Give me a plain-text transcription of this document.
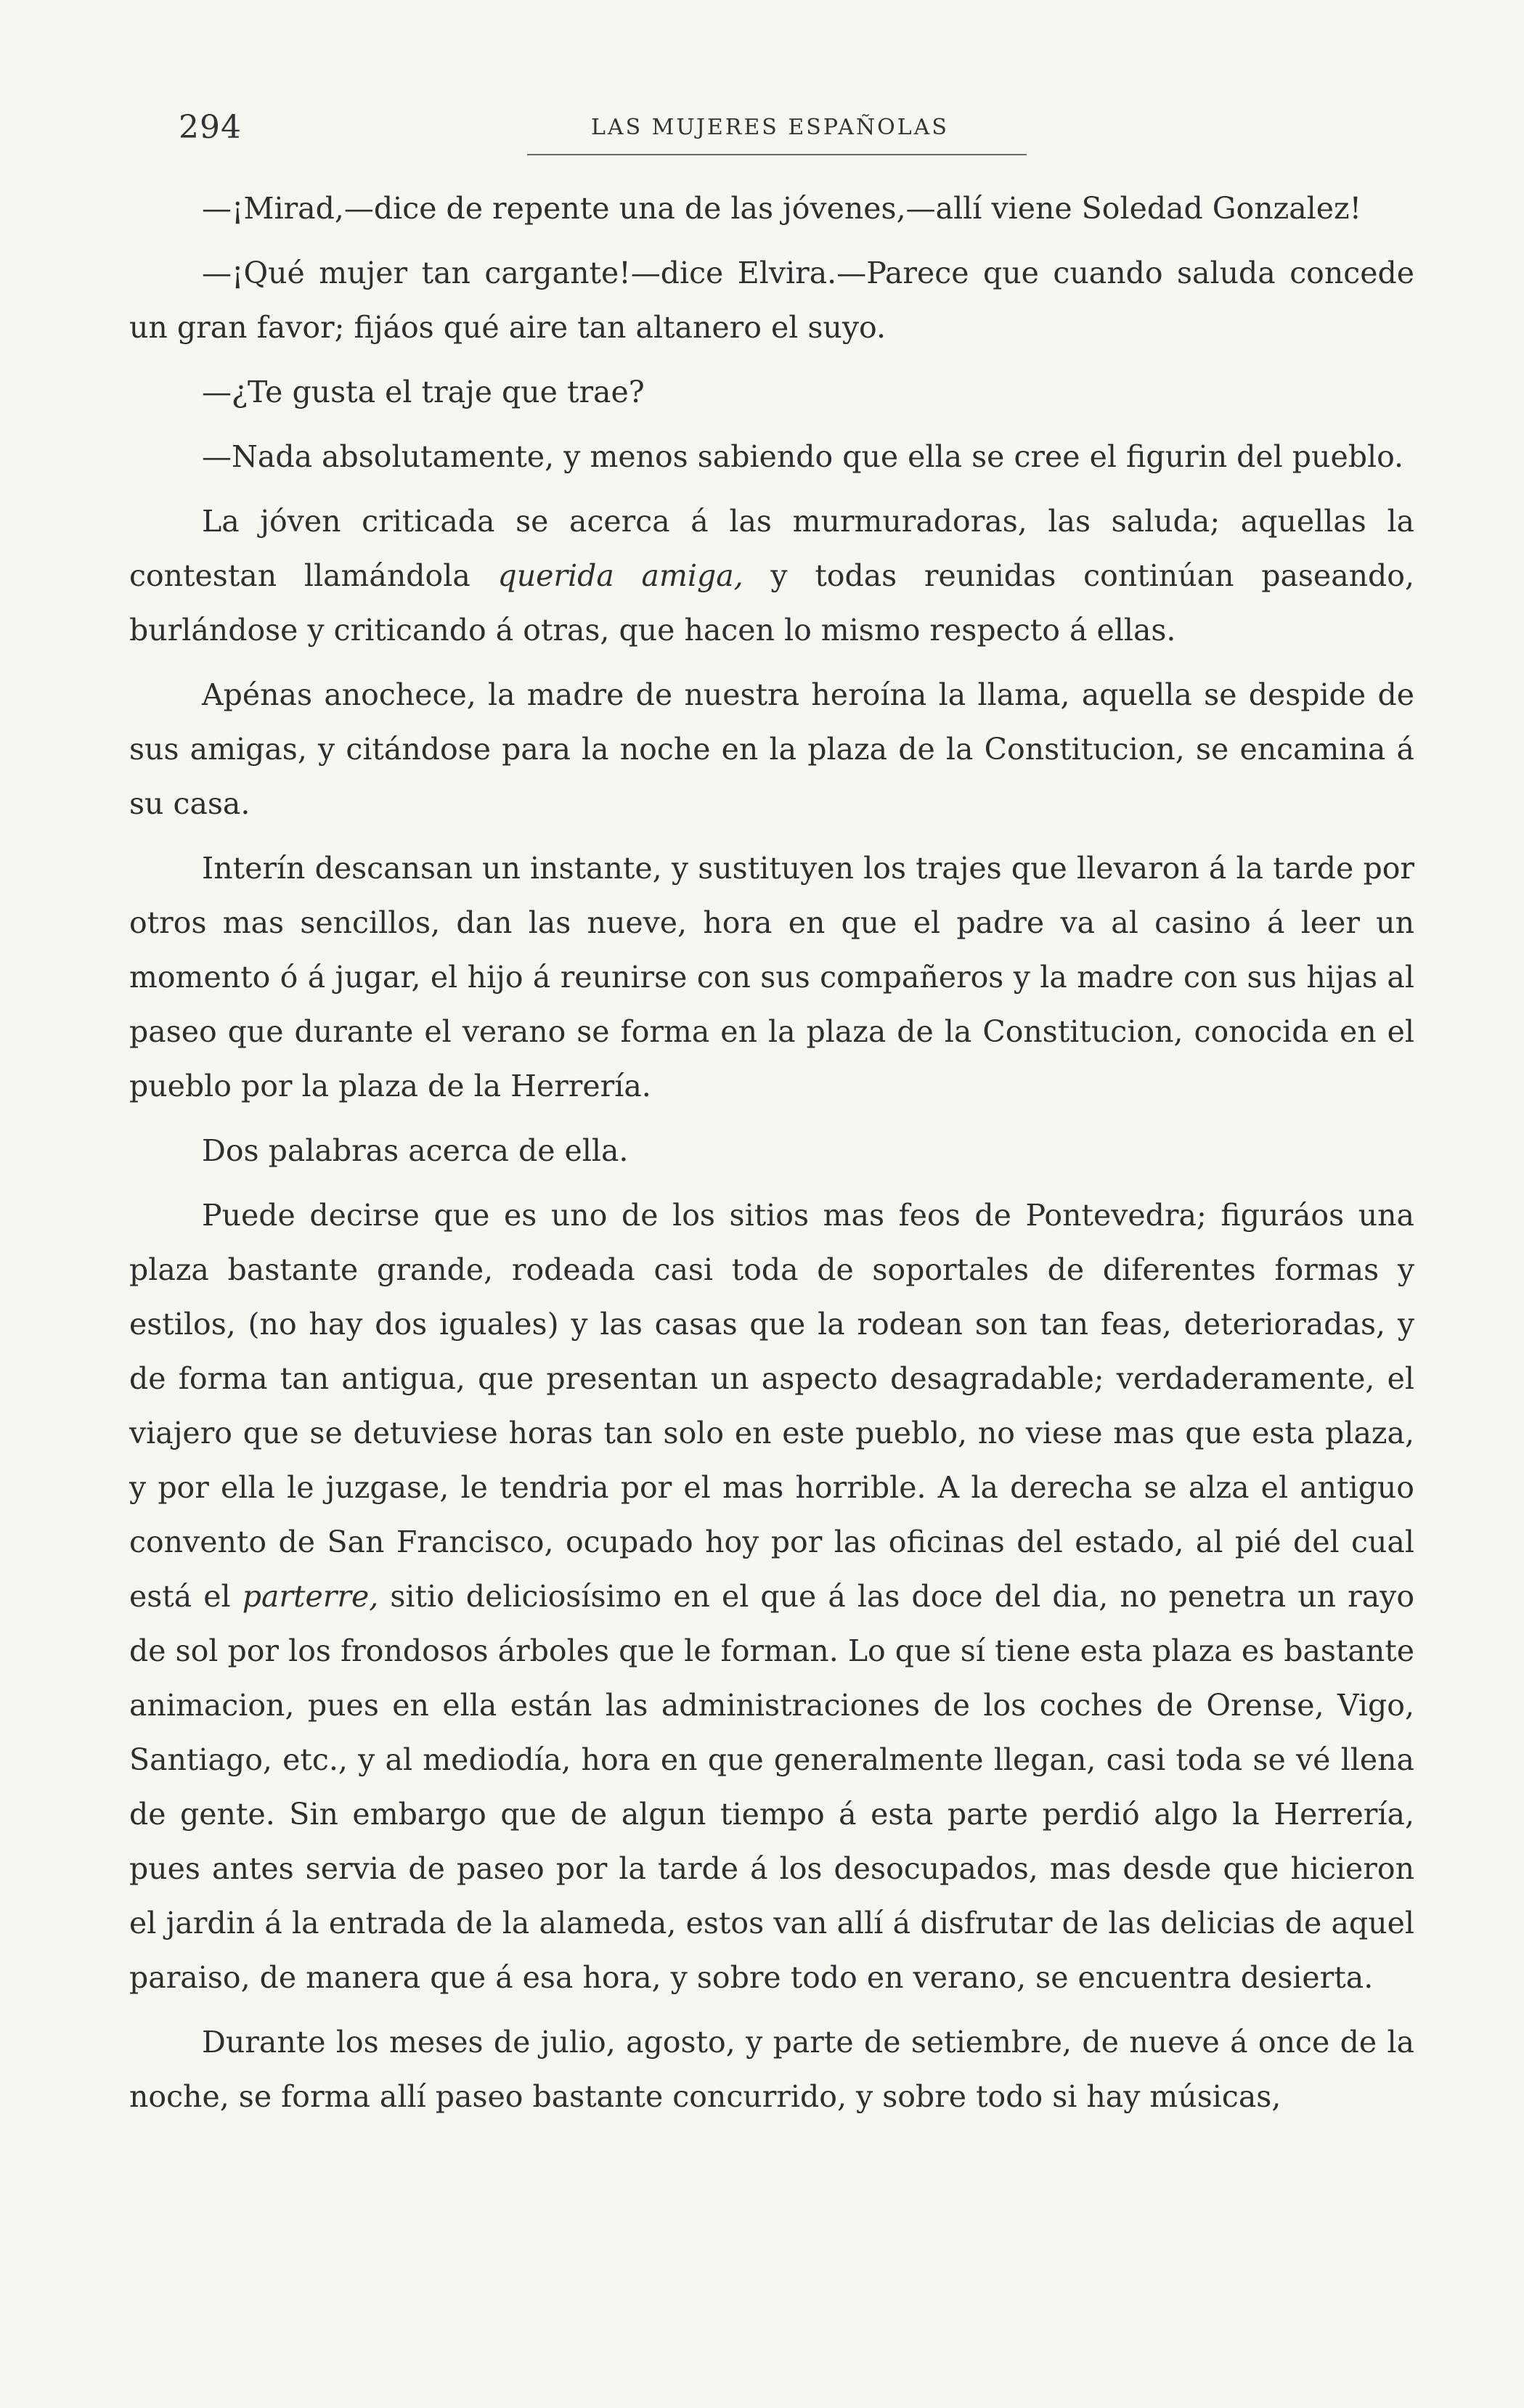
294	LAS MUJERES ESPAÑOLAS

—¡Mirad,—dice de repente una de las jóvenes,—allí viene Soledad Gonzalez!

—¡Qué mujer tan cargante!—dice Elvira.—Parece que cuando saluda concede un gran favor; fijáos qué aire tan altanero el suyo.

—¿Te gusta el traje que trae?

—Nada absolutamente, y menos sabiendo que ella se cree el figurin del pueblo.

La jóven criticada se acerca á las murmuradoras, las saluda; aquellas la contestan llamándola querida amiga, y todas reunidas continúan paseando, burlándose y criticando á otras, que hacen lo mismo respecto á ellas.

Apénas anochece, la madre de nuestra heroína la llama, aquella se despide de sus amigas, y citándose para la noche en la plaza de la Constitucion, se encamina á su casa.

Interín descansan un instante, y sustituyen los trajes que llevaron á la tarde por otros mas sencillos, dan las nueve, hora en que el padre va al casino á leer un momento ó á jugar, el hijo á reunirse con sus compañeros y la madre con sus hijas al paseo que durante el verano se forma en la plaza de la Constitucion, conocida en el pueblo por la plaza de la Herrería.

Dos palabras acerca de ella.

Puede decirse que es uno de los sitios mas feos de Pontevedra; figuráos una plaza bastante grande, rodeada casi toda de soportales de diferentes formas y estilos, (no hay dos iguales) y las casas que la rodean son tan feas, deterioradas, y de forma tan antigua, que presentan un aspecto desagradable; verdaderamente, el viajero que se detuviese horas tan solo en este pueblo, no viese mas que esta plaza, y por ella le juzgase, le tendria por el mas horrible. A la derecha se alza el antiguo convento de San Francisco, ocupado hoy por las oficinas del estado, al pié del cual está el parterre, sitio deliciosísimo en el que á las doce del dia, no penetra un rayo de sol por los frondosos árboles que le forman. Lo que sí tiene esta plaza es bastante animacion, pues en ella están las administraciones de los coches de Orense, Vigo, Santiago, etc., y al mediodía, hora en que generalmente llegan, casi toda se vé llena de gente. Sin embargo que de algun tiempo á esta parte perdió algo la Herrería, pues antes servia de paseo por la tarde á los desocupados, mas desde que hicieron el jardin á la entrada de la alameda, estos van allí á disfrutar de las delicias de aquel paraiso, de manera que á esa hora, y sobre todo en verano, se encuentra desierta.

Durante los meses de julio, agosto, y parte de setiembre, de nueve á once de la noche, se forma allí paseo bastante concurrido, y sobre todo si hay músicas,
